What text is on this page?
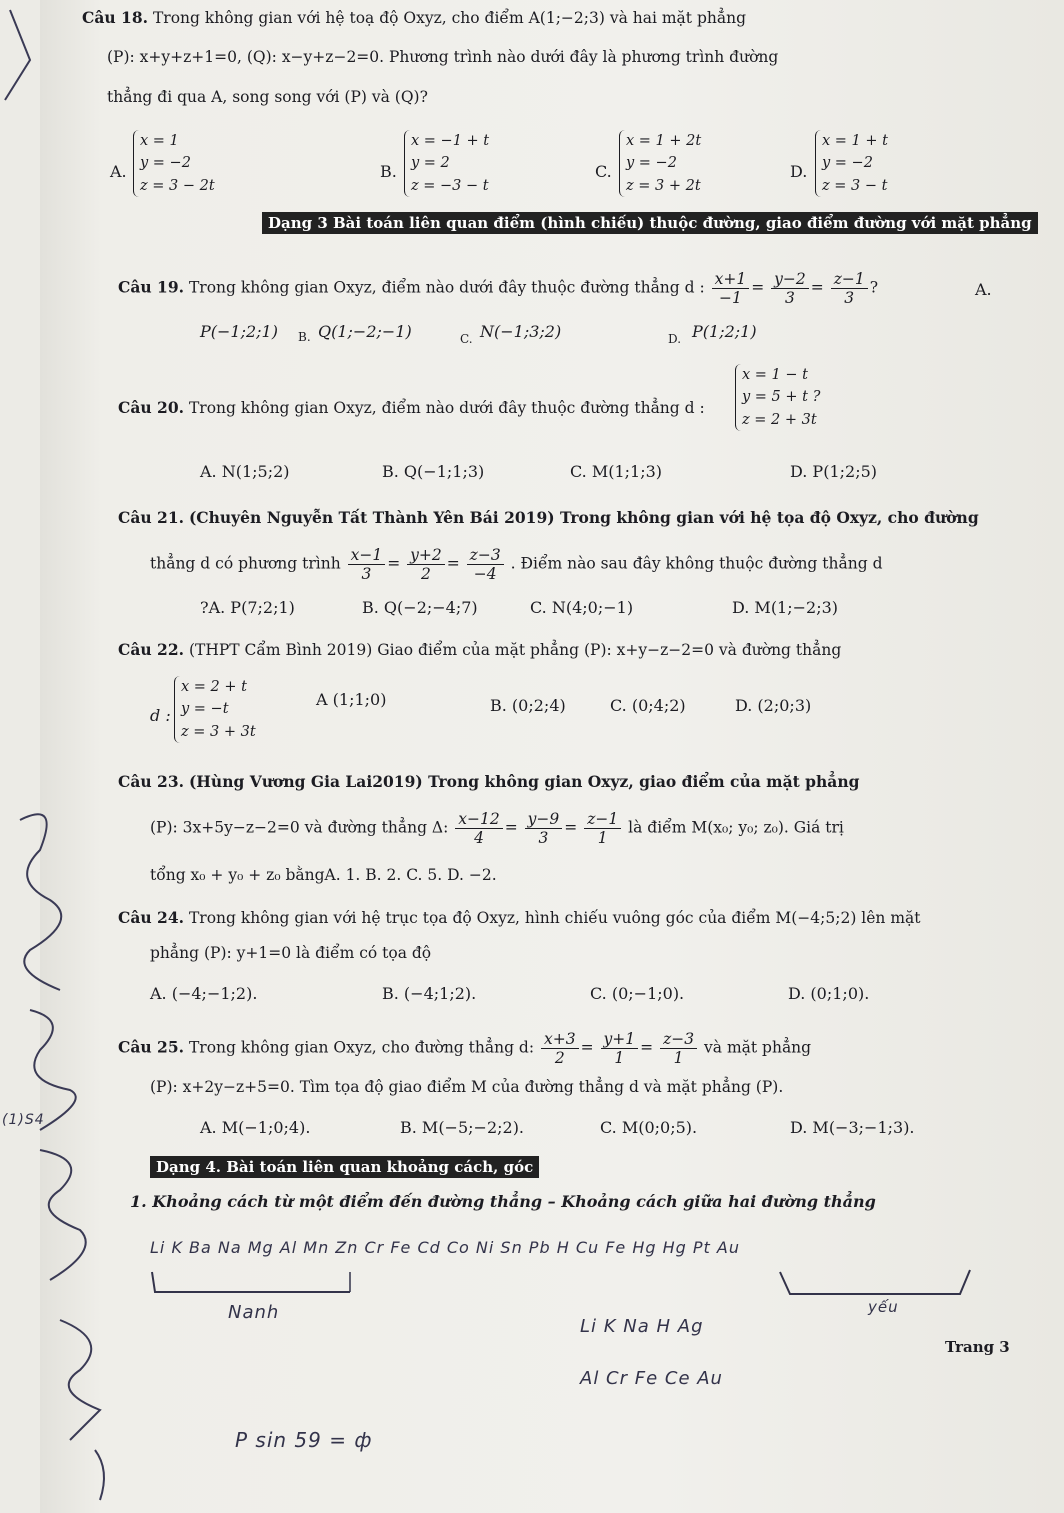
Câu 18. Trong không gian với hệ toạ độ Oxyz, cho điểm A(1;−2;3) và hai mặt phẳng
(P): x+y+z+1=0, (Q): x−y+z−2=0. Phương trình nào dưới đây là phương trình đường
thẳng đi qua A, song song với (P) và (Q)?
A.
x = 1
y = −2
z = 3 − 2t
B.
x = −1 + t
y = 2
z = −3 − t
C.
x = 1 + 2t
y = −2
z = 3 + 2t
D.
x = 1 + t
y = −2
z = 3 − t
Dạng 3 Bài toán liên quan điểm (hình chiếu) thuộc đường, giao điểm đường với mặt phẳng
Câu 19. Trong không gian Oxyz, điểm nào dưới đây thuộc đường thẳng d : $\frac{x+1}{-1} = \frac{y-2}{3} = \frac{z-1}{3}$ ?	A.
P(−1;2;1) B. Q(1;−2;−1)	C. N(−1;3;2)	D. P(1;2;1)
Câu 20. Trong không gian Oxyz, điểm nào dưới đây thuộc đường thẳng d :
x = 1 − t
y = 5 + t ?
z = 2 + 3t
A. N(1;5;2)	B. Q(−1;1;3)	C. M(1;1;3)	D. P(1;2;5)
Câu 21. (Chuyên Nguyễn Tất Thành Yên Bái 2019) Trong không gian với hệ tọa độ Oxyz, cho đường
thẳng d có phương trình $\frac{x-1}{3} = \frac{y+2}{2} = \frac{z-3}{-4}$ . Điểm nào sau đây không thuộc đường thẳng d
?A. P(7;2;1)	B. Q(−2;−4;7)	C. N(4;0;−1)	D. M(1;−2;3)
Câu 22. (THPT Cẩm Bình 2019) Giao điểm của mặt phẳng (P): x+y−z−2=0 và đường thẳng
d :
x = 2 + t
y = −t
z = 3 + 3t
A (1;1;0)	B. (0;2;4)	C. (0;4;2)	D. (2;0;3)
Câu 23. (Hùng Vương Gia Lai2019) Trong không gian Oxyz, giao điểm của mặt phẳng
(P): 3x+5y−z−2=0 và đường thẳng Δ: $\frac{x-12}{4} = \frac{y-9}{3} = \frac{z-1}{1}$ là điểm M(x₀; y₀; z₀). Giá trị
tổng x₀ + y₀ + z₀ bằngA. 1. B. 2. C. 5. D. −2.
Câu 24. Trong không gian với hệ trục tọa độ Oxyz, hình chiếu vuông góc của điểm M(−4;5;2) lên mặt
phẳng (P): y+1=0 là điểm có tọa độ
A. (−4;−1;2).	B. (−4;1;2).	C. (0;−1;0).	D. (0;1;0).
Câu 25. Trong không gian Oxyz, cho đường thẳng d: $\frac{x+3}{2} = \frac{y+1}{1} = \frac{z-3}{1}$ và mặt phẳng
(P): x+2y−z+5=0. Tìm tọa độ giao điểm M của đường thẳng d và mặt phẳng (P).
A. M(−1;0;4).	B. M(−5;−2;2).	C. M(0;0;5).	D. M(−3;−1;3).
Dạng 4. Bài toán liên quan khoảng cách, góc
1. Khoảng cách từ một điểm đến đường thẳng – Khoảng cách giữa hai đường thẳng
Li K Ba Na Mg Al Mn Zn Cr Fe Cd Co Ni Sn Pb H Cu Fe Hg Hg Pt Au
Nanh	yếu
Li K Na H Ag
Al Cr Fe Ce Au
P sin 59 = ф
(1)S4
Trang 3
